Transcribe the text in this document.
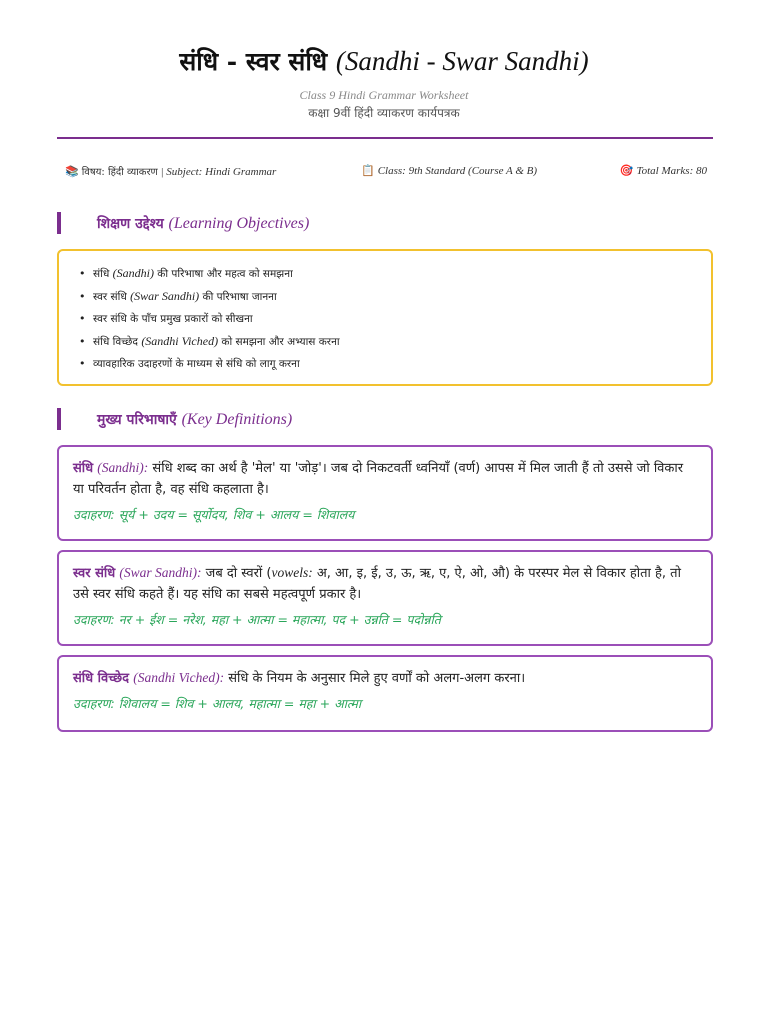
संधि - स्वर संधि (Sandhi - Swar Sandhi)
Class 9 Hindi Grammar Worksheet
कक्षा 9वीं हिंदी व्याकरण कार्यपत्रक
📚 विषय: हिंदी व्याकरण | Subject: Hindi Grammar	📋 Class: 9th Standard (Course A & B)	🎯 Total Marks: 80
शिक्षण उद्देश्य (Learning Objectives)
• संधि (Sandhi) की परिभाषा और महत्व को समझना
• स्वर संधि (Swar Sandhi) की परिभाषा जानना
• स्वर संधि के पाँच प्रमुख प्रकारों को सीखना
• संधि विच्छेद (Sandhi Viched) को समझना और अभ्यास करना
• व्यावहारिक उदाहरणों के माध्यम से संधि को लागू करना
मुख्य परिभाषाएँ (Key Definitions)
संधि (Sandhi): संधि शब्द का अर्थ है 'मेल' या 'जोड़'। जब दो निकटवर्ती ध्वनियाँ (वर्ण) आपस में मिल जाती हैं तो उससे जो विकार या परिवर्तन होता है, वह संधि कहलाता है।
उदाहरण: सूर्य + उदय = सूर्योदय, शिव + आलय = शिवालय
स्वर संधि (Swar Sandhi): जब दो स्वरों (vowels: अ, आ, इ, ई, उ, ऊ, ऋ, ए, ऐ, ओ, औ) के परस्पर मेल से विकार होता है, तो उसे स्वर संधि कहते हैं। यह संधि का सबसे महत्वपूर्ण प्रकार है।
उदाहरण: नर + ईश = नरेश, महा + आत्मा = महात्मा, पद + उन्नति = पदोन्नति
संधि विच्छेद (Sandhi Viched): संधि के नियम के अनुसार मिले हुए वर्णों को अलग-अलग करना।
उदाहरण: शिवालय = शिव + आलय, महात्मा = महा + आत्मा
